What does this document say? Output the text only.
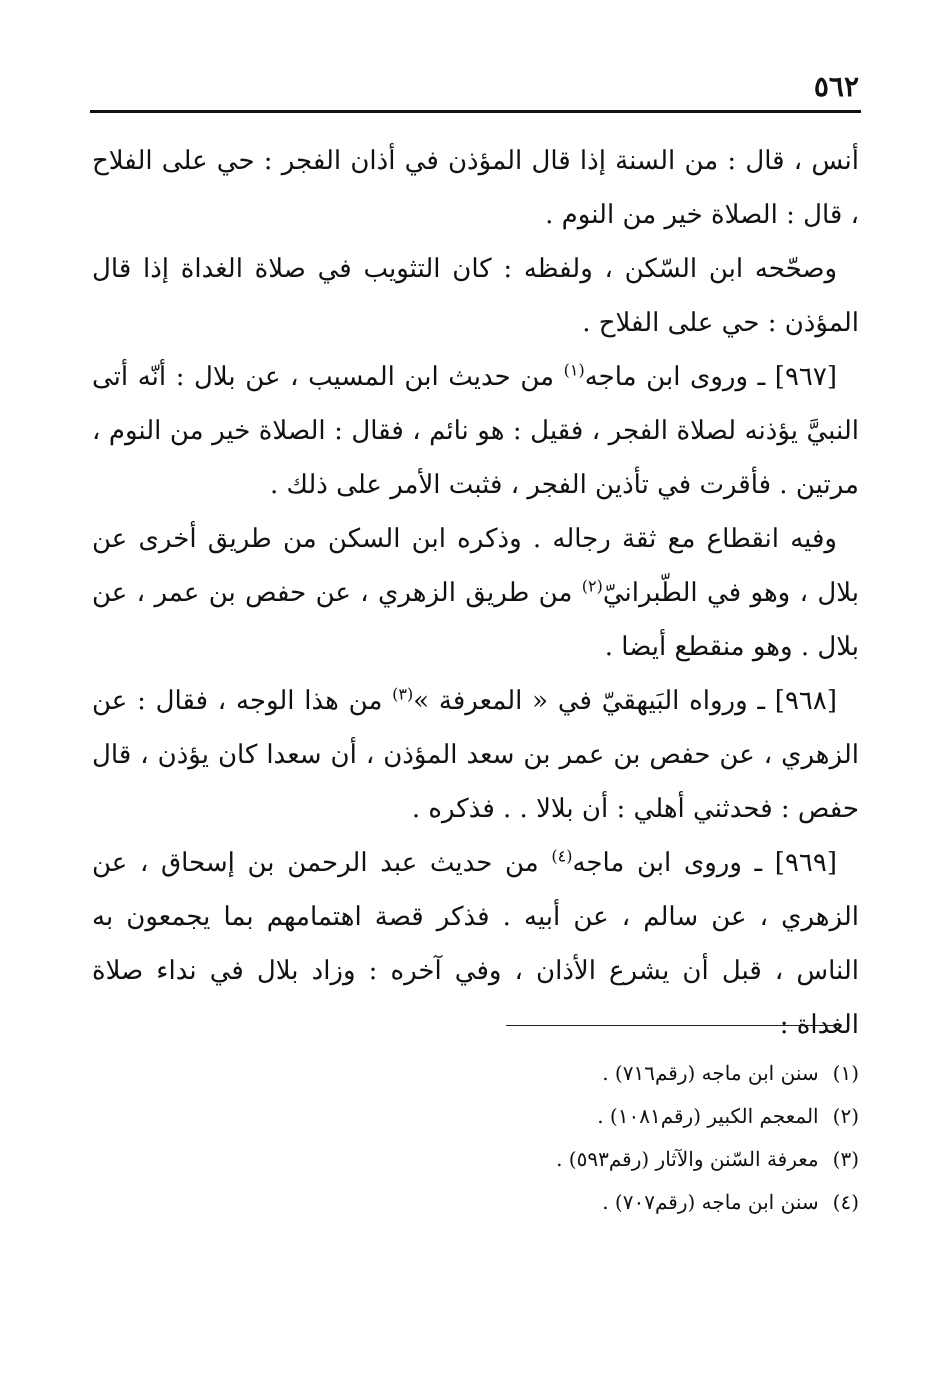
٥٦٢

أنس ، قال : من السنة إذا قال المؤذن في أذان الفجر : حي على الفلاح ، قال : الصلاة خير من النوم .

وصحّحه ابن السّكن ، ولفظه : كان التثويب في صلاة الغداة إذا قال المؤذن : حي على الفلاح .

[٩٦٧] ـ وروى ابن ماجه$^{(١)}$ من حديث ابن المسيب ، عن بلال : أنّه أتى النبيَّ يؤذنه لصلاة الفجر ، فقيل : هو نائم ، فقال : الصلاة خير من النوم ، مرتين . فأقرت في تأذين الفجر ، فثبت الأمر على ذلك .

وفيه انقطاع مع ثقة رجاله . وذكره ابن السكن من طريق أخرى عن بلال ، وهو في الطّبرانيّ$^{(٢)}$ من طريق الزهري ، عن حفص بن عمر ، عن بلال . وهو منقطع أيضا .

[٩٦٨] ـ ورواه البَيهقيّ في « المعرفة »$^{(٣)}$ من هذا الوجه ، فقال : عن الزهري ، عن حفص بن عمر بن سعد المؤذن ، أن سعدا كان يؤذن ، قال حفص : فحدثني أهلي : أن بلالا . . فذكره .

[٩٦٩] ـ وروى ابن ماجه$^{(٤)}$ من حديث عبد الرحمن بن إسحاق ، عن الزهري ، عن سالم ، عن أبيه . فذكر قصة اهتمامهم بما يجمعون به الناس ، قبل أن يشرع الأذان ، وفي آخره : وزاد بلال في نداء صلاة الغداة :

(١)سنن ابن ماجه (رقم٧١٦) .
(٢)المعجم الكبير (رقم١٠٨١) .
(٣)معرفة السّنن والآثار (رقم٥٩٣) .
(٤)سنن ابن ماجه (رقم٧٠٧) .
